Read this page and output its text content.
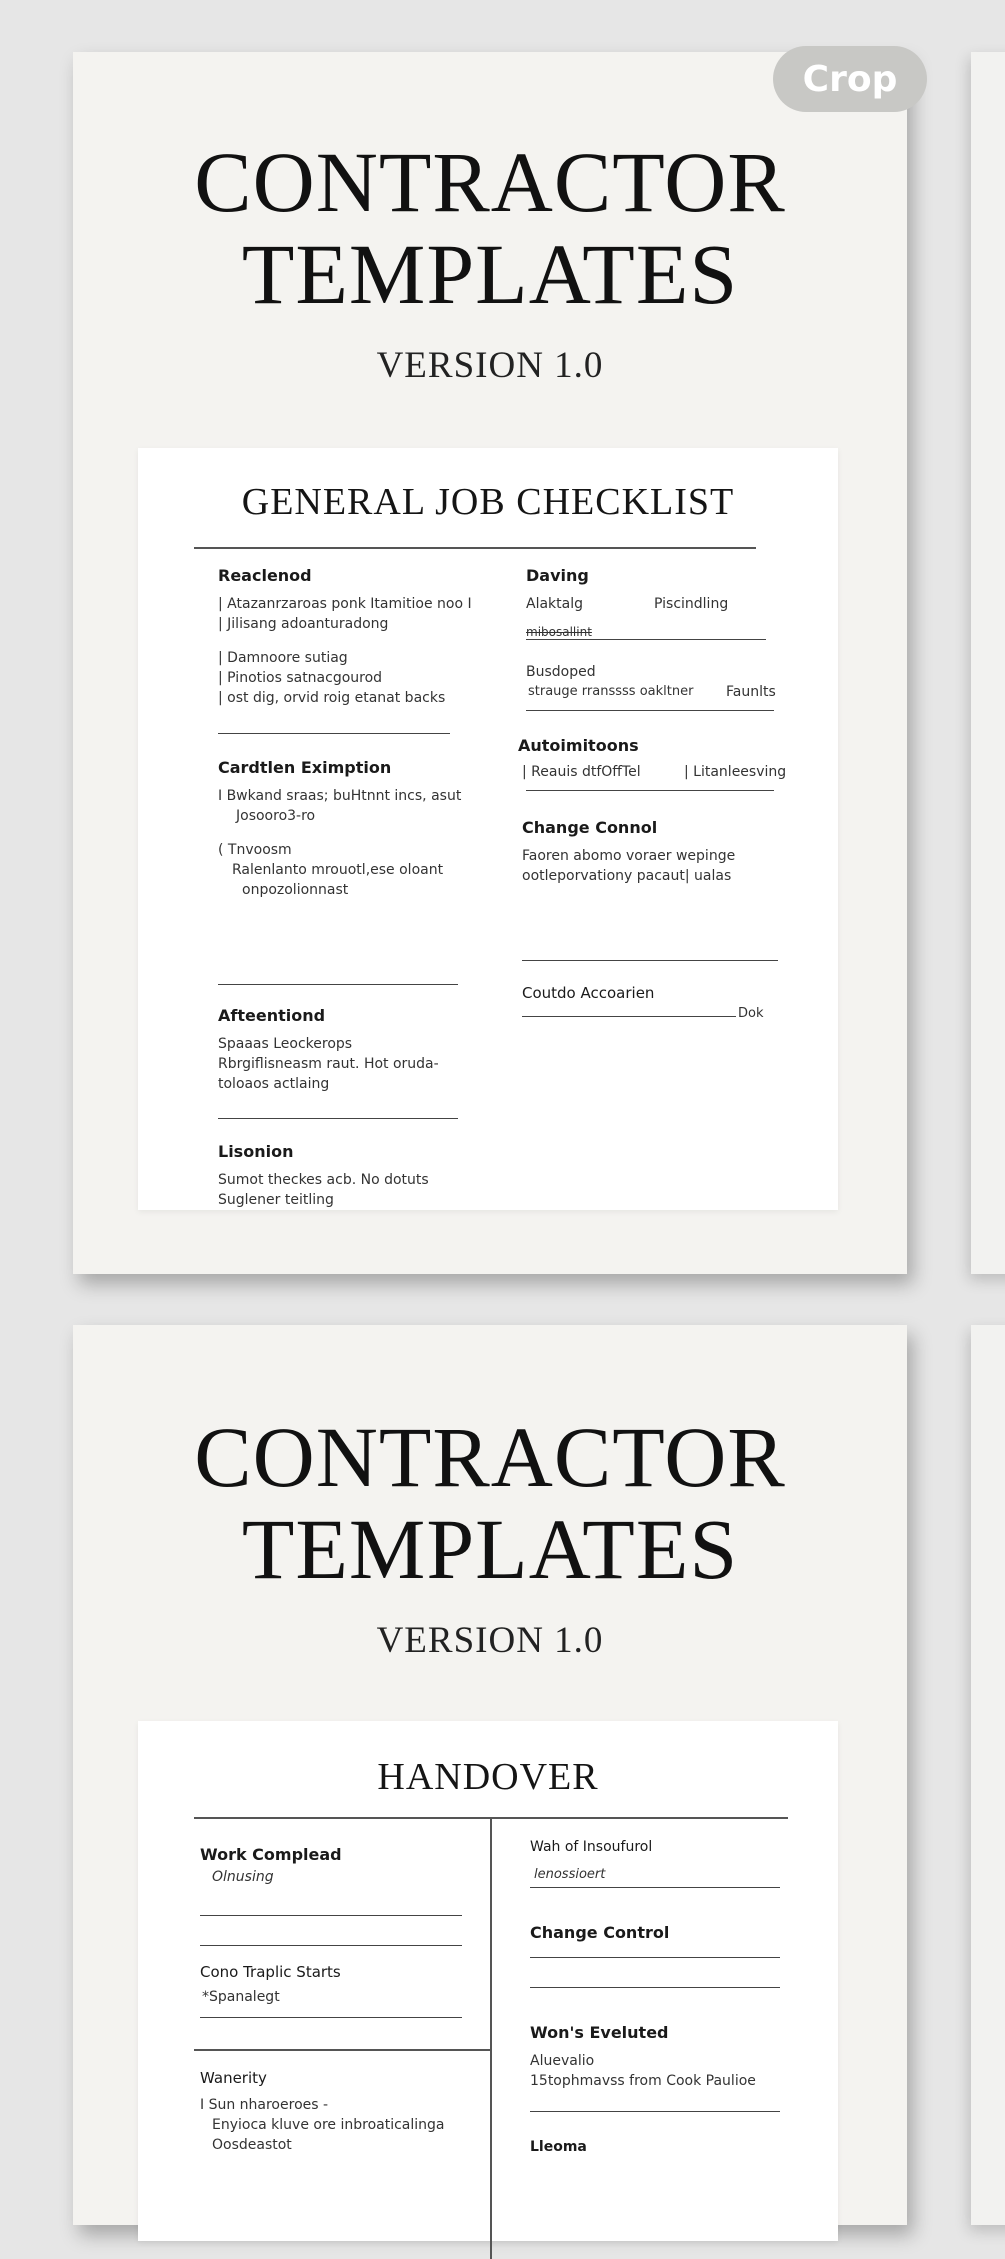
CONTRACTOR
TEMPLATES
VERSION 1.0
GENERAL JOB CHECKLIST
Reaclenod
| Atazanrzaroas ponk Itamitioe noo I
| Jilisang adoanturadong
| Damnoore sutiag
| Pinotios satnacgourod
| ost dig, orvid roig etanat backs
Cardtlen Eximption
I Bwkand sraas; buHtnnt incs, asut
Josooro3-ro
( Tnvoosm
Ralenlanto mrouotl,ese oloant
onpozolionnast
Afteentiond
Spaaas Leockerops
Rbrgiflisneasm raut. Hot oruda-
toloaos actlaing
Lisonion
Sumot theckes acb. No dotuts
Suglener teitling
Daving
Alaktalg	Piscindling
mibosallint
Busdoped
strauge rranssss oakltner Faunlts
Autoimitoons
| Reauis dtfOffTel	| Litanleesving
Change Connol
Faoren abomo voraer wepinge
ootleporvationy pacaut| ualas
Coutdo Accoarien
Dok
CONTRACTOR
TEMPLATES
VERSION 1.0
HANDOVER
Work Complead
Olnusing
Cono Traplic Starts
*Spanalegt
Wanerity
I Sun nharoeroes -
Enyioca kluve ore inbroaticalinga
Oosdeastot
Wah of Insoufurol
lenossioert
Change Control
Won's Eveluted
Aluevalio
15tophmavss from Cook Paulioe
Lleoma
Crop
